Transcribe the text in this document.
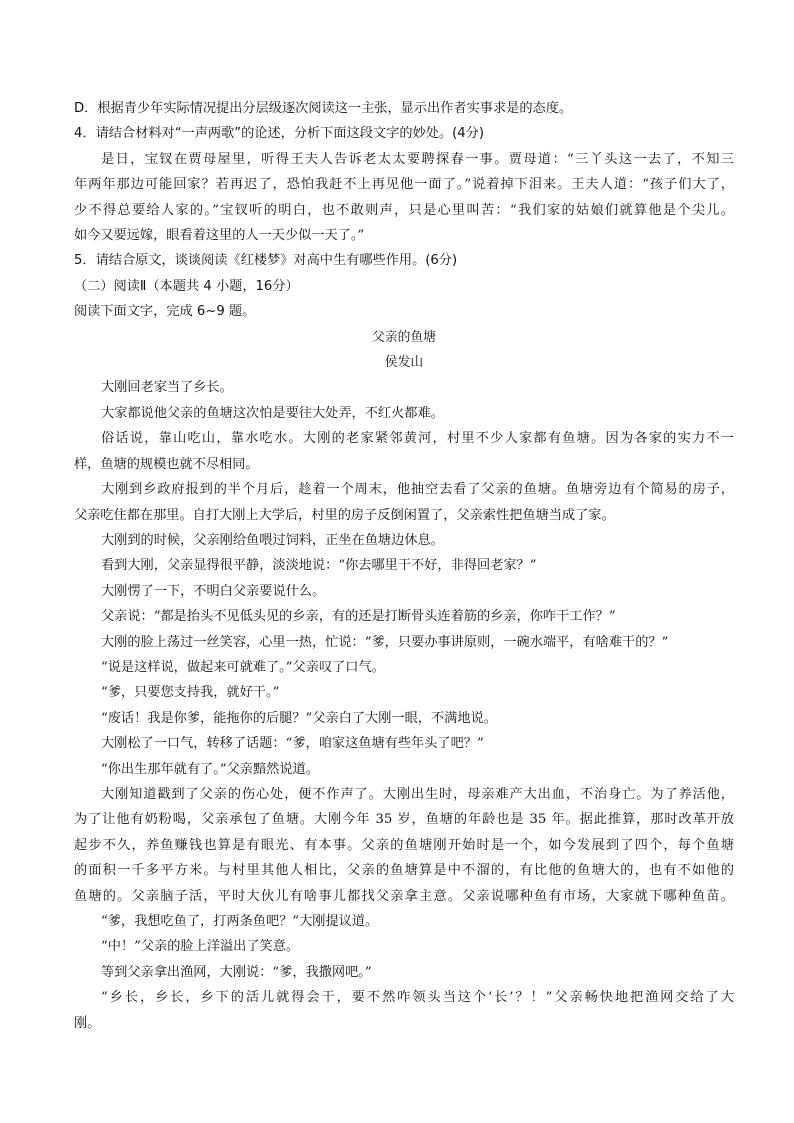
D．根据青少年实际情况提出分层级逐次阅读这一主张，显示出作者实事求是的态度。
4．请结合材料对“一声两歌”的论述，分析下面这段文字的妙处。(4分)
是日，宝钗在贾母屋里，听得王夫人告诉老太太要聘探春一事。贾母道：“三丫头这一去了，不知三
年两年那边可能回家？若再迟了，恐怕我赶不上再见他一面了。”说着掉下泪来。王夫人道：“孩子们大了，
少不得总要给人家的。”宝钗听的明白，也不敢则声，只是心里叫苦：“我们家的姑娘们就算他是个尖儿。
如今又要远嫁，眼看着这里的人一天少似一天了。”
5．请结合原文，谈谈阅读《红楼梦》对高中生有哪些作用。(6分)
（二）阅读Ⅱ（本题共 4 小题，16分）
阅读下面文字，完成 6~9 题。
父亲的鱼塘
侯发山
大刚回老家当了乡长。
大家都说他父亲的鱼塘这次怕是要往大处弄，不红火都难。
俗话说，靠山吃山，靠水吃水。大刚的老家紧邻黄河，村里不少人家都有鱼塘。因为各家的实力不一
样，鱼塘的规模也就不尽相同。
大刚到乡政府报到的半个月后，趁着一个周末，他抽空去看了父亲的鱼塘。鱼塘旁边有个简易的房子，
父亲吃住都在那里。自打大刚上大学后，村里的房子反倒闲置了，父亲索性把鱼塘当成了家。
大刚到的时候，父亲刚给鱼喂过饲料，正坐在鱼塘边休息。
看到大刚，父亲显得很平静，淡淡地说：“你去哪里干不好，非得回老家？”
大刚愣了一下，不明白父亲要说什么。
父亲说：“都是抬头不见低头见的乡亲，有的还是打断骨头连着筋的乡亲，你咋干工作？”
大刚的脸上荡过一丝笑容，心里一热，忙说：“爹，只要办事讲原则，一碗水端平，有啥难干的？”
“说是这样说，做起来可就难了。”父亲叹了口气。
“爹，只要您支持我，就好干。”
“废话！我是你爹，能拖你的后腿？”父亲白了大刚一眼，不满地说。
大刚松了一口气，转移了话题：“爹，咱家这鱼塘有些年头了吧？”
“你出生那年就有了。”父亲黯然说道。
大刚知道戳到了父亲的伤心处，便不作声了。大刚出生时，母亲难产大出血，不治身亡。为了养活他，
为了让他有奶粉喝，父亲承包了鱼塘。大刚今年 35 岁，鱼塘的年龄也是 35 年。据此推算，那时改革开放
起步不久，养鱼赚钱也算是有眼光、有本事。父亲的鱼塘刚开始时是一个，如今发展到了四个，每个鱼塘
的面积一千多平方米。与村里其他人相比，父亲的鱼塘算是中不溜的，有比他的鱼塘大的，也有不如他的
鱼塘的。父亲脑子活，平时大伙儿有啥事儿都找父亲拿主意。父亲说哪种鱼有市场，大家就下哪种鱼苗。
“爹，我想吃鱼了，打两条鱼吧？”大刚提议道。
“中！”父亲的脸上洋溢出了笑意。
等到父亲拿出渔网，大刚说：“爹，我撒网吧。”
“乡长，乡长，乡下的活儿就得会干，要不然咋领头当这个‘长’？！”父亲畅快地把渔网交给了大
刚。
